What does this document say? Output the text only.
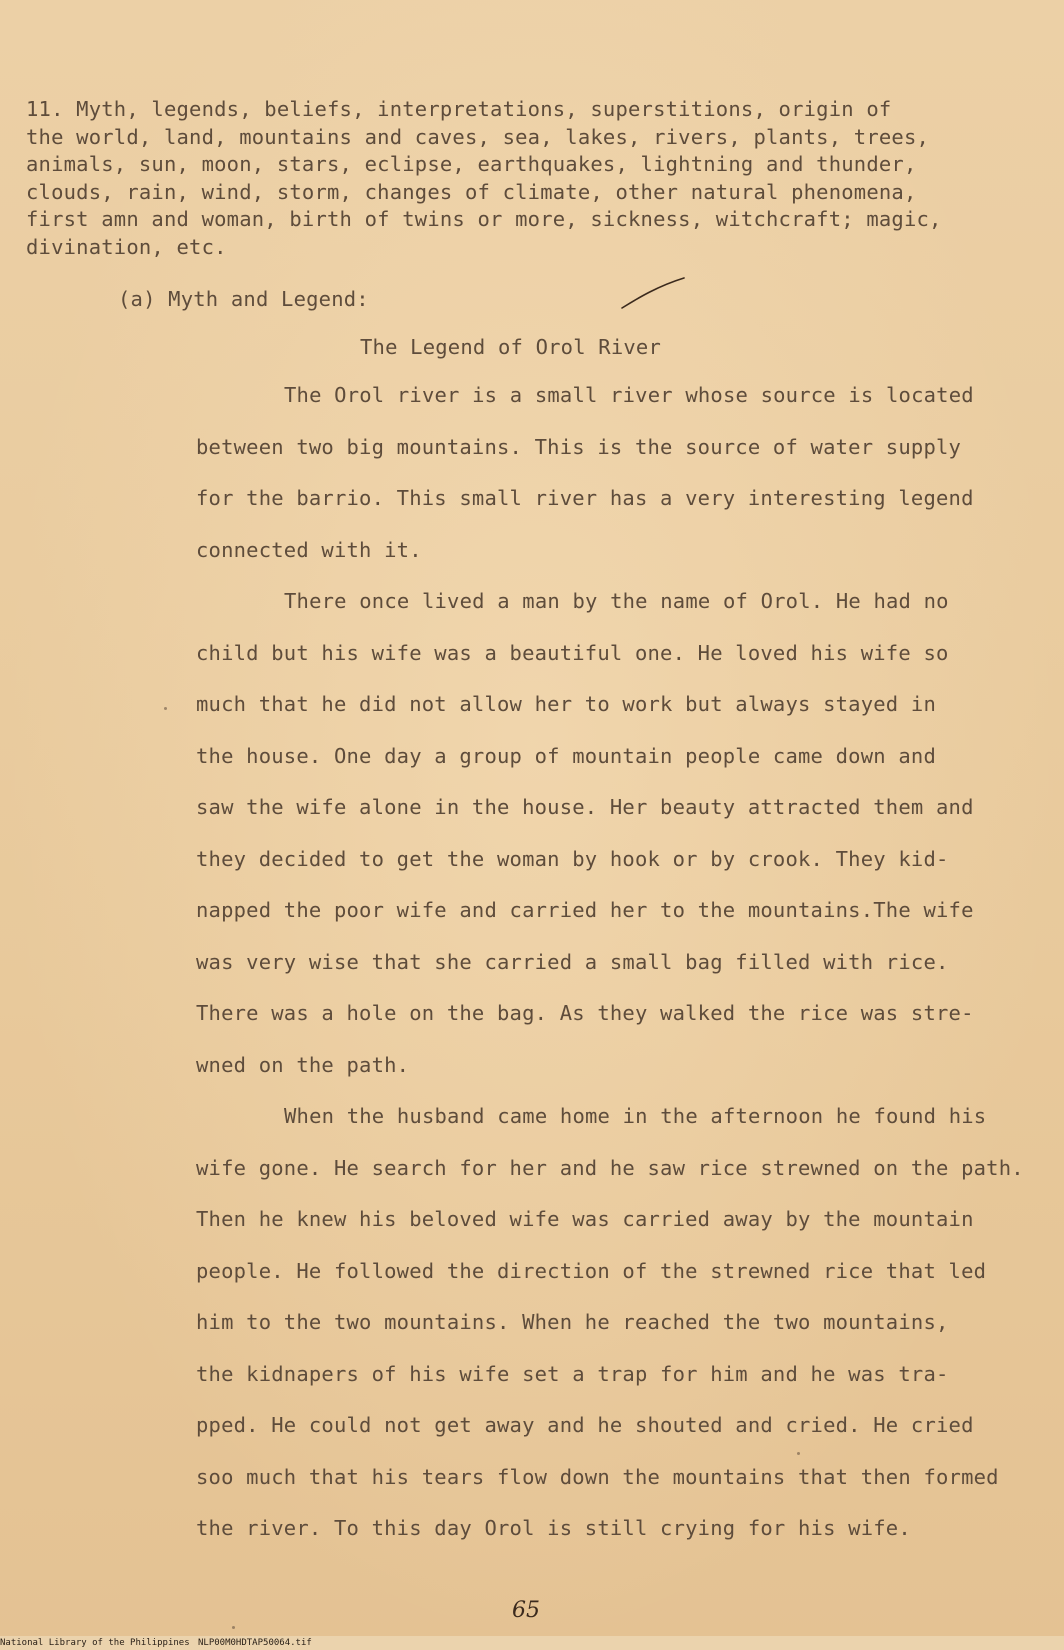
11. Myth, legends, beliefs, interpretations, superstitions, origin of
the world, land, mountains and caves, sea, lakes, rivers, plants, trees,
animals, sun, moon, stars, eclipse, earthquakes, lightning and thunder,
clouds, rain, wind, storm, changes of climate, other natural phenomena,
first amn and woman, birth of twins or more, sickness, witchcraft; magic,
divination, etc.
(a) Myth and Legend:
The Legend of Orol River
The Orol river is a small river whose source is located
between two big mountains. This is the source of water supply
for the barrio. This small river has a very interesting legend
connected with it.
There once lived a man by the name of Orol. He had no
child but his wife was a beautiful one. He loved his wife so
much that he did not allow her to work but always stayed in
the house. One day a group of mountain people came down and
saw the wife alone in the house. Her beauty attracted them and
they decided to get the woman by hook or by crook. They kid-
napped the poor wife and carried her to the mountains.The wife
was very wise that she carried a small bag filled with rice.
There was a hole on the bag. As they walked the rice was stre-
wned on the path.
When the husband came home in the afternoon he found his
wife gone. He search for her and he saw rice strewned on the path.
Then he knew his beloved wife was carried away by the mountain
people. He followed the direction of the strewned rice that led
him to the two mountains. When he reached the two mountains,
the kidnapers of his wife set a trap for him and he was tra-
pped. He could not get away and he shouted and cried. He cried
soo much that his tears flow down the mountains that then formed
the river. To this day Orol is still crying for his wife.
65
National Library of the Philippines NLP00M0HDTAP50064.tif
